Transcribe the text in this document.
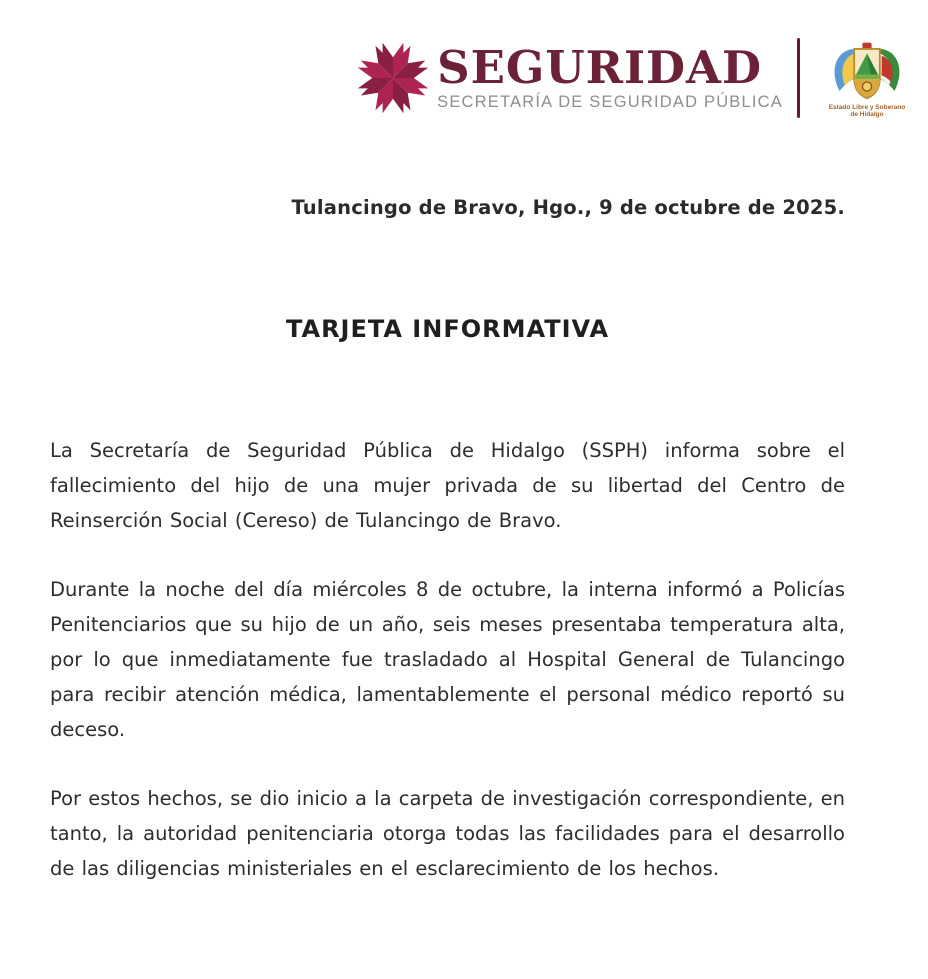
SEGURIDAD
SECRETARÍA DE SEGURIDAD PÚBLICA	Estado Libre y Soberano
de Hidalgo

Tulancingo de Bravo, Hgo., 9 de octubre de 2025.

TARJETA INFORMATIVA

La Secretaría de Seguridad Pública de Hidalgo (SSPH) informa sobre el fallecimiento del hijo de una mujer privada de su libertad del Centro de Reinserción Social (Cereso) de Tulancingo de Bravo.

Durante la noche del día miércoles 8 de octubre, la interna informó a Policías Penitenciarios que su hijo de un año, seis meses presentaba temperatura alta, por lo que inmediatamente fue trasladado al Hospital General de Tulancingo para recibir atención médica, lamentablemente el personal médico reportó su deceso.

Por estos hechos, se dio inicio a la carpeta de investigación correspondiente, en tanto, la autoridad penitenciaria otorga todas las facilidades para el desarrollo de las diligencias ministeriales en el esclarecimiento de los hechos.
